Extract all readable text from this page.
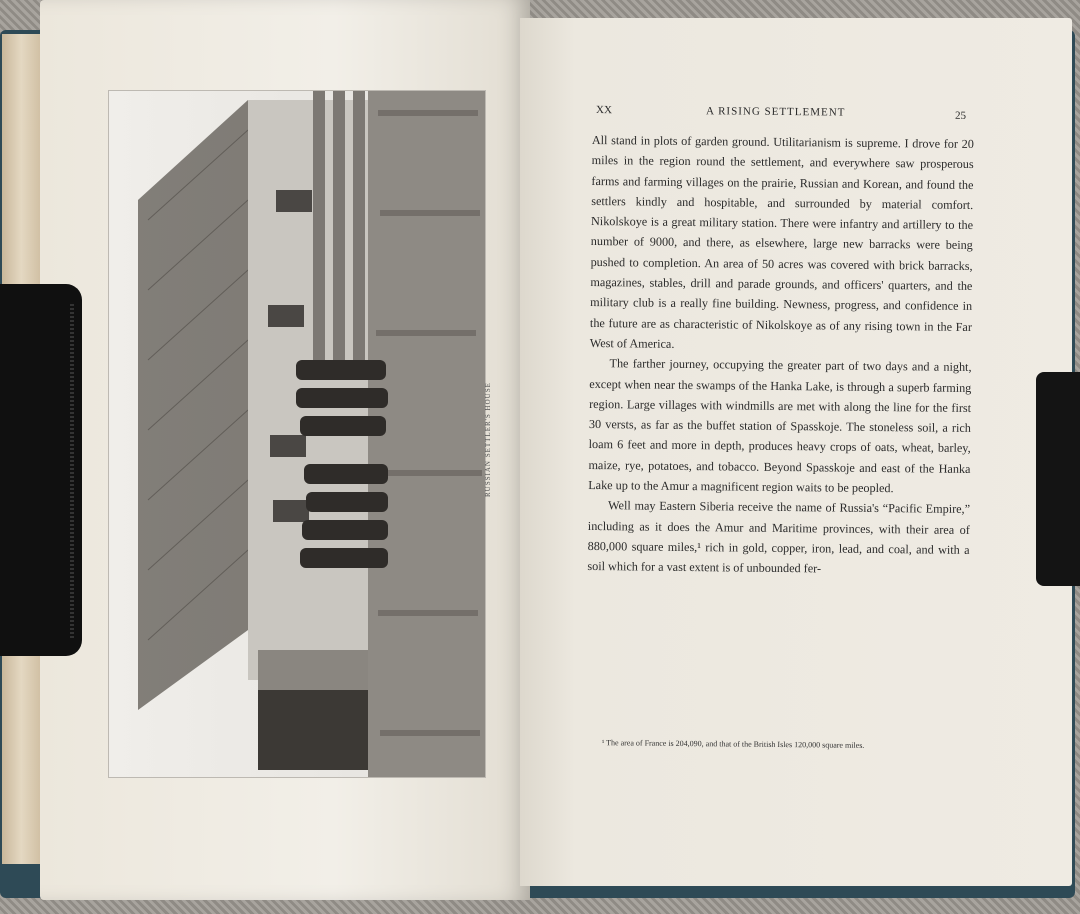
RUSSIAN SETTLER'S HOUSE
XX	A RISING SETTLEMENT	25

All stand in plots of garden ground. Utilitarianism is supreme. I drove for 20 miles in the region round the settlement, and everywhere saw prosperous farms and farming villages on the prairie, Russian and Korean, and found the settlers kindly and hospitable, and surrounded by material comfort. Nikolskoye is a great military station. There were infantry and artillery to the number of 9000, and there, as elsewhere, large new barracks were being pushed to completion. An area of 50 acres was covered with brick barracks, magazines, stables, drill and parade grounds, and officers' quarters, and the military club is a really fine building. Newness, progress, and confidence in the future are as characteristic of Nikolskoye as of any rising town in the Far West of America.

The farther journey, occupying the greater part of two days and a night, except when near the swamps of the Hanka Lake, is through a superb farming region. Large villages with windmills are met with along the line for the first 30 versts, as far as the buffet station of Spasskoje. The stoneless soil, a rich loam 6 feet and more in depth, produces heavy crops of oats, wheat, barley, maize, rye, potatoes, and tobacco. Beyond Spasskoje and east of the Hanka Lake up to the Amur a magnificent region waits to be peopled.

Well may Eastern Siberia receive the name of Russia's “Pacific Empire,” including as it does the Amur and Maritime provinces, with their area of 880,000 square miles,¹ rich in gold, copper, iron, lead, and coal, and with a soil which for a vast extent is of unbounded fer-

¹ The area of France is 204,090, and that of the British Isles 120,000 square miles.
